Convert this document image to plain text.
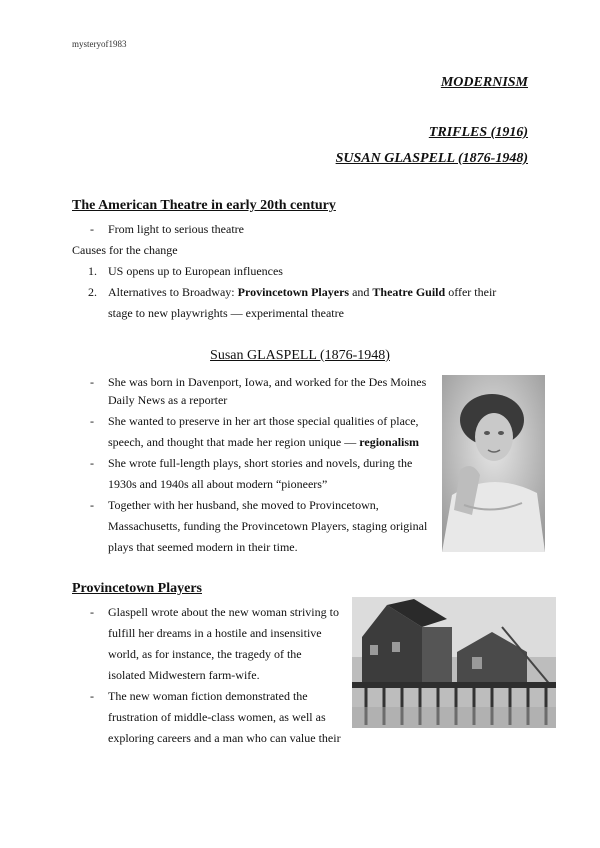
mysteryof1983
MODERNISM
TRIFLES (1916)
SUSAN GLASPELL (1876-1948)
The American Theatre in early 20th century
- From light to serious theatre
Causes for the change
1. US opens up to European influences
2. Alternatives to Broadway: Provincetown Players and Theatre Guild offer their
stage to new playwrights — experimental theatre
Susan GLASPELL (1876-1948)
- She was born in Davenport, Iowa, and worked for the Des Moines
Daily News as a reporter
- She wanted to preserve in her art those special qualities of place,
speech, and thought that made her region unique — regionalism
- She wrote full-length plays, short stories and novels, during the
1930s and 1940s all about modern “pioneers”
- Together with her husband, she moved to Provincetown,
Massachusetts, funding the Provincetown Players, staging original
plays that seemed modern in their time.
Provincetown Players
- Glaspell wrote about the new woman striving to
fulfill her dreams in a hostile and insensitive
world, as for instance, the tragedy of the
isolated Midwestern farm-wife.
- The new woman fiction demonstrated the
frustration of middle-class women, as well as
exploring careers and a man who can value their
